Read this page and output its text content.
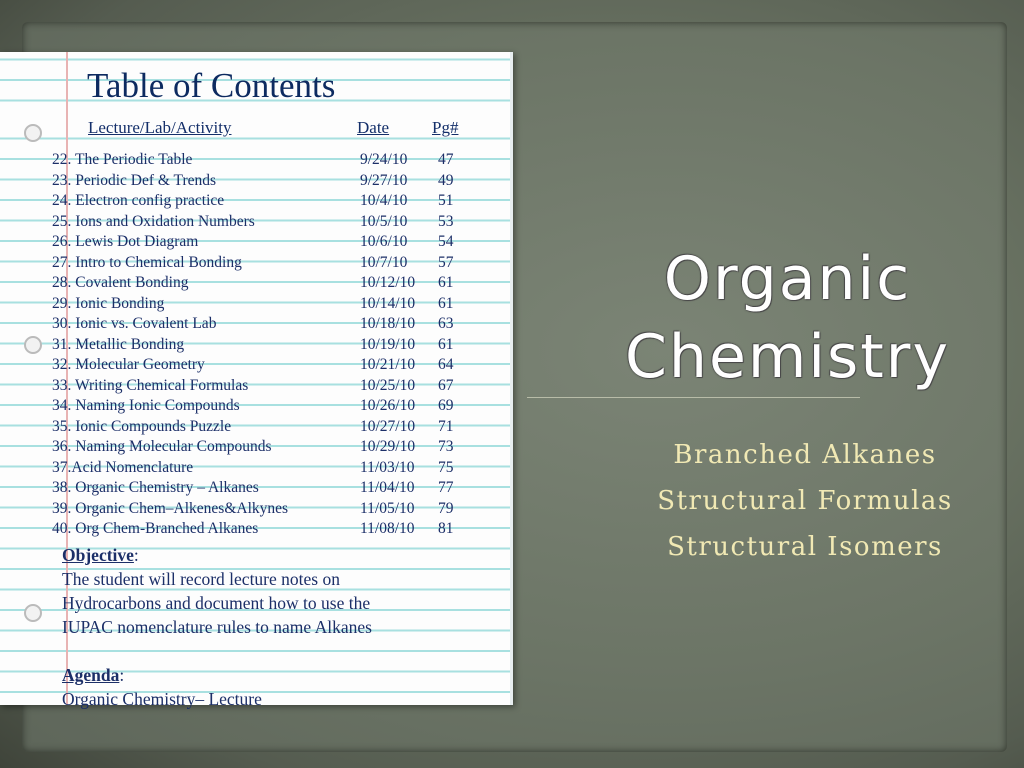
Table of Contents
Lecture/Lab/Activity	Date	Pg#
22. The Periodic Table	9/24/10 47
23. Periodic Def & Trends	9/27/10 49
24. Electron config practice	10/4/10 51
25. Ions and Oxidation Numbers	10/5/10 53
26. Lewis Dot Diagram	10/6/10 54
27. Intro to Chemical Bonding	10/7/10 57
28. Covalent Bonding	10/12/10 61
29. Ionic Bonding	10/14/10 61
30. Ionic vs. Covalent Lab	10/18/10 63
31. Metallic Bonding	10/19/10 61
32. Molecular Geometry	10/21/10 64
33. Writing Chemical Formulas	10/25/10 67
34. Naming Ionic Compounds	10/26/10 69
35. Ionic Compounds Puzzle	10/27/10 71
36. Naming Molecular Compounds	10/29/10 73
37.Acid Nomenclature	11/03/10 75
38. Organic Chemistry – Alkanes	11/04/10 77
39. Organic Chem–Alkenes&Alkynes	11/05/10 79
40. Org Chem-Branched Alkanes	11/08/10 81
Objective:
The student will record lecture notes on
Hydrocarbons and document how to use the
IUPAC nomenclature rules to name Alkanes
Agenda:
Organic Chemistry– Lecture
Organic
Chemistry
Branched Alkanes
Structural Formulas
Structural Isomers
